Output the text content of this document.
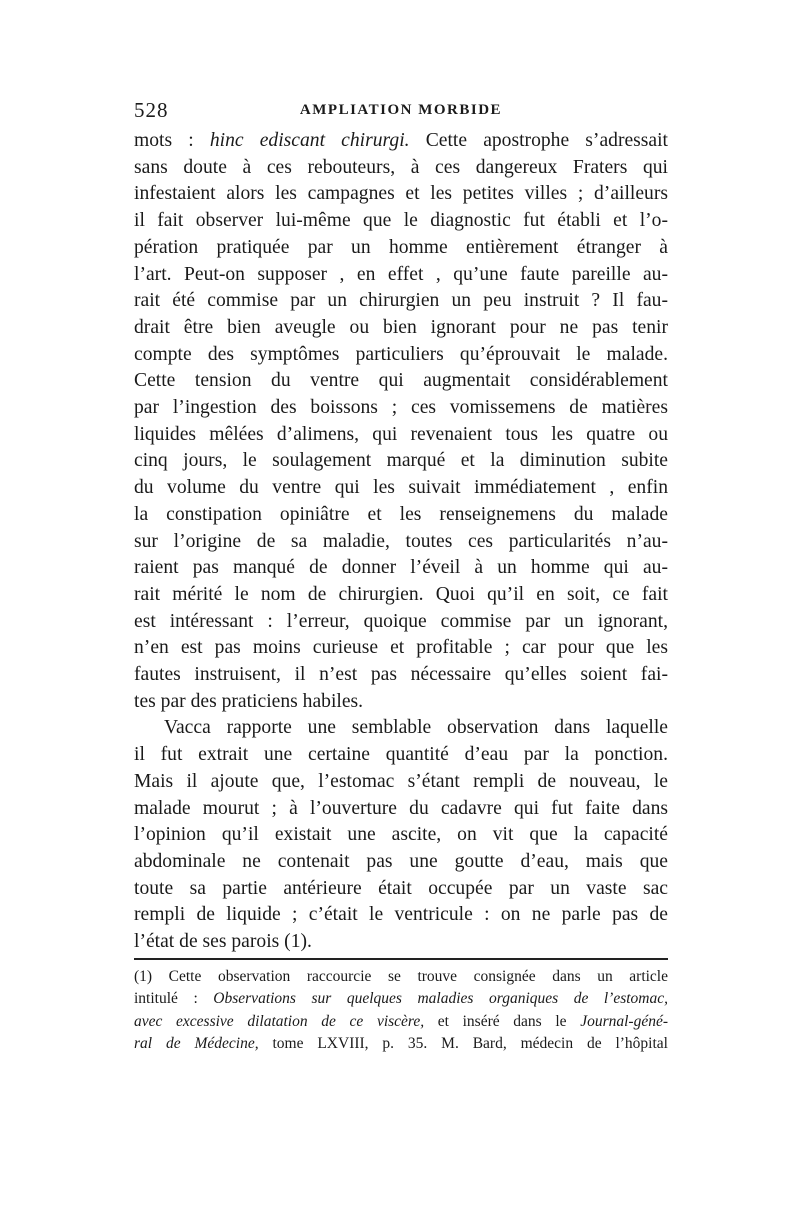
528	AMPLIATION MORBIDE

mots : hinc ediscant chirurgi. Cette apostrophe s’adressait
sans doute à ces rebouteurs, à ces dangereux Fraters qui
infestaient alors les campagnes et les petites villes ; d’ailleurs
il fait observer lui-même que le diagnostic fut établi et l’o-
pération pratiquée par un homme entièrement étranger à
l’art. Peut-on supposer , en effet , qu’une faute pareille au-
rait été commise par un chirurgien un peu instruit ? Il fau-
drait être bien aveugle ou bien ignorant pour ne pas tenir
compte des symptômes particuliers qu’éprouvait le malade.
Cette tension du ventre qui augmentait considérablement
par l’ingestion des boissons ; ces vomissemens de matières
liquides mêlées d’alimens, qui revenaient tous les quatre ou
cinq jours, le soulagement marqué et la diminution subite
du volume du ventre qui les suivait immédiatement , enfin
la constipation opiniâtre et les renseignemens du malade
sur l’origine de sa maladie, toutes ces particularités n’au-
raient pas manqué de donner l’éveil à un homme qui au-
rait mérité le nom de chirurgien. Quoi qu’il en soit, ce fait
est intéressant : l’erreur, quoique commise par un ignorant,
n’en est pas moins curieuse et profitable ; car pour que les
fautes instruisent, il n’est pas nécessaire qu’elles soient fai-
tes par des praticiens habiles.

Vacca rapporte une semblable observation dans laquelle
il fut extrait une certaine quantité d’eau par la ponction.
Mais il ajoute que, l’estomac s’étant rempli de nouveau, le
malade mourut ; à l’ouverture du cadavre qui fut faite dans
l’opinion qu’il existait une ascite, on vit que la capacité
abdominale ne contenait pas une goutte d’eau, mais que
toute sa partie antérieure était occupée par un vaste sac
rempli de liquide ; c’était le ventricule : on ne parle pas de
l’état de ses parois (1).

(1) Cette observation raccourcie se trouve consignée dans un article
intitulé : Observations sur quelques maladies organiques de l’estomac,
avec excessive dilatation de ce viscère, et inséré dans le Journal-géné-
ral de Médecine, tome LXVIII, p. 35. M. Bard, médecin de l’hôpital
